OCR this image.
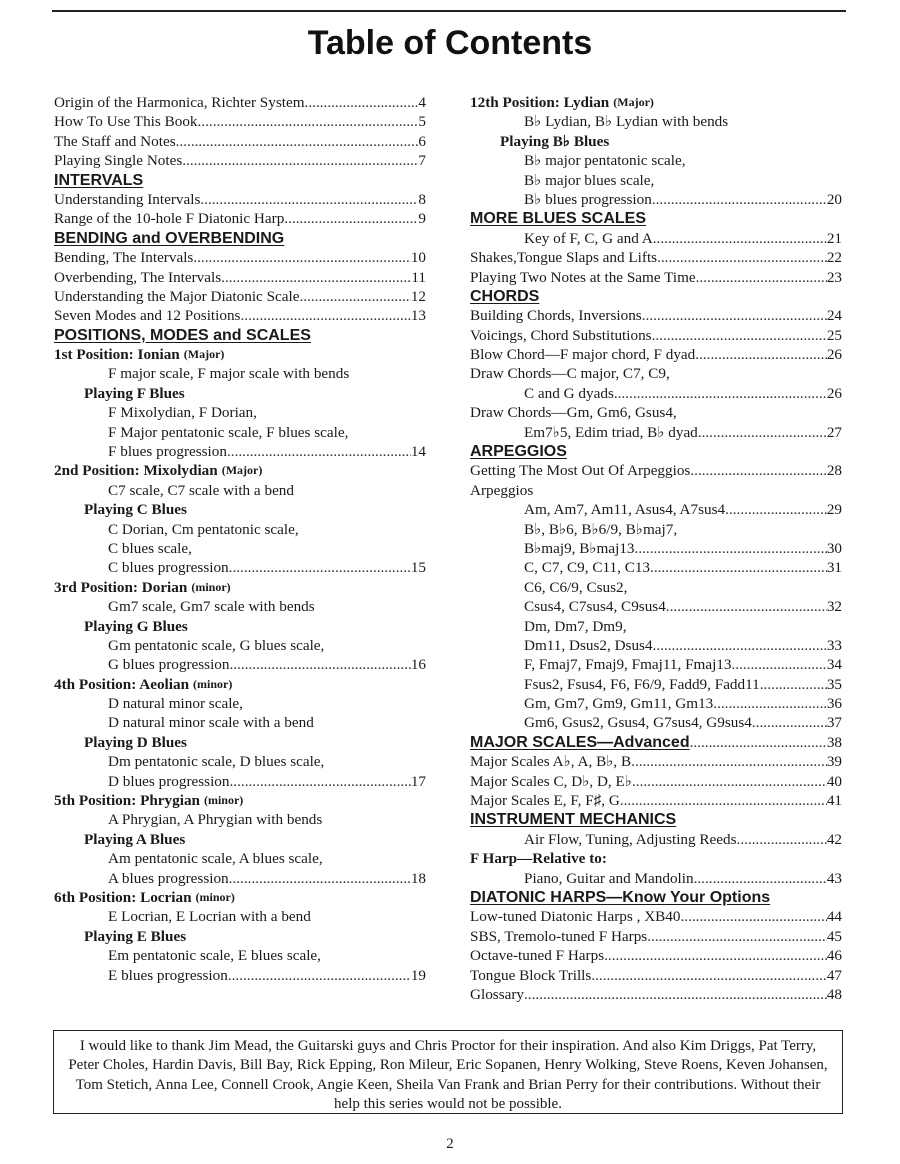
Table of Contents
Origin of the Harmonica, Richter System .....	4
How To Use This Book .....	5
The Staff and Notes .....	6
Playing Single Notes .....	7
INTERVALS
Understanding Intervals .....	8
Range of the 10-hole F Diatonic Harp .....	9
BENDING and OVERBENDING
Bending, The Intervals .....	10
Overbending, The Intervals .....	11
Understanding the Major Diatonic Scale .....	12
Seven Modes and 12 Positions .....	13
POSITIONS, MODES and SCALES
1st Position: Ionian (Major)
F major scale, F major scale with bends
Playing F Blues
F Mixolydian, F Dorian,
F Major pentatonic scale, F blues scale,
F blues progression .....	14
2nd Position: Mixolydian (Major)
C7 scale, C7 scale with a bend
Playing C Blues
C Dorian, Cm pentatonic scale,
C blues scale,
C blues progression .....	15
3rd Position: Dorian (minor)
Gm7 scale, Gm7 scale with bends
Playing G Blues
Gm pentatonic scale, G blues scale,
G blues progression .....	16
4th Position: Aeolian (minor)
D natural minor scale,
D natural minor scale with a bend
Playing D Blues
Dm pentatonic scale, D blues scale,
D blues progression .....	17
5th Position: Phrygian (minor)
A Phrygian, A Phrygian with bends
Playing A Blues
Am pentatonic scale, A blues scale,
A blues progression .....	18
6th Position: Locrian (minor)
E Locrian, E Locrian with a bend
Playing E Blues
Em pentatonic scale, E blues scale,
E blues progression .....	19
12th Position: Lydian (Major)
B♭ Lydian, B♭ Lydian with bends
Playing B♭ Blues
B♭ major pentatonic scale,
B♭ major blues scale,
B♭ blues progression .....	20
MORE BLUES SCALES
Key of F, C, G and A .....	21
Shakes,Tongue Slaps and Lifts .....	22
Playing Two Notes at the Same Time .....	23
CHORDS
Building Chords, Inversions .....	24
Voicings, Chord Substitutions .....	25
Blow Chord—F major chord, F dyad .....	26
Draw Chords—C major, C7, C9,
C and G dyads .....	26
Draw Chords—Gm, Gm6, Gsus4,
Em7♭5, Edim triad, B♭ dyad .....	27
ARPEGGIOS
Getting The Most Out Of Arpeggios .....	28
Arpeggios
Am, Am7, Am11, Asus4, A7sus4 .....	29
B♭, B♭6, B♭6/9, B♭maj7,
B♭maj9, B♭maj13 .....	30
C, C7, C9, C11, C13 .....	31
C6, C6/9, Csus2,
Csus4, C7sus4, C9sus4 .....	32
Dm, Dm7, Dm9,
Dm11, Dsus2, Dsus4 .....	33
F, Fmaj7, Fmaj9, Fmaj11, Fmaj13 .....	34
Fsus2, Fsus4, F6, F6/9, Fadd9, Fadd11 .....	35
Gm, Gm7, Gm9, Gm11, Gm13 .....	36
Gm6, Gsus2, Gsus4, G7sus4, G9sus4 .....	37
MAJOR SCALES—Advanced .....	38
Major Scales A♭, A, B♭, B .....	39
Major Scales C, D♭, D, E♭ .....	40
Major Scales E, F, F♯, G .....	41
INSTRUMENT MECHANICS
Air Flow, Tuning, Adjusting Reeds .....	42
F Harp—Relative to:
Piano, Guitar and Mandolin .....	43
DIATONIC HARPS—Know Your Options
Low-tuned Diatonic Harps , XB40 .....	44
SBS, Tremolo-tuned F Harps .....	45
Octave-tuned F Harps .....	46
Tongue Block Trills .....	47
Glossary .....	48
I would like to thank Jim Mead, the Guitarski guys and Chris Proctor for their inspiration. And also Kim Driggs, Pat Terry, Peter Choles, Hardin Davis, Bill Bay, Rick Epping, Ron Mileur, Eric Sopanen, Henry Wolking, Steve Roens, Keven Johansen, Tom Stetich, Anna Lee, Connell Crook, Angie Keen, Sheila Van Frank and Brian Perry for their contributions. Without their help this series would not be possible.
2
